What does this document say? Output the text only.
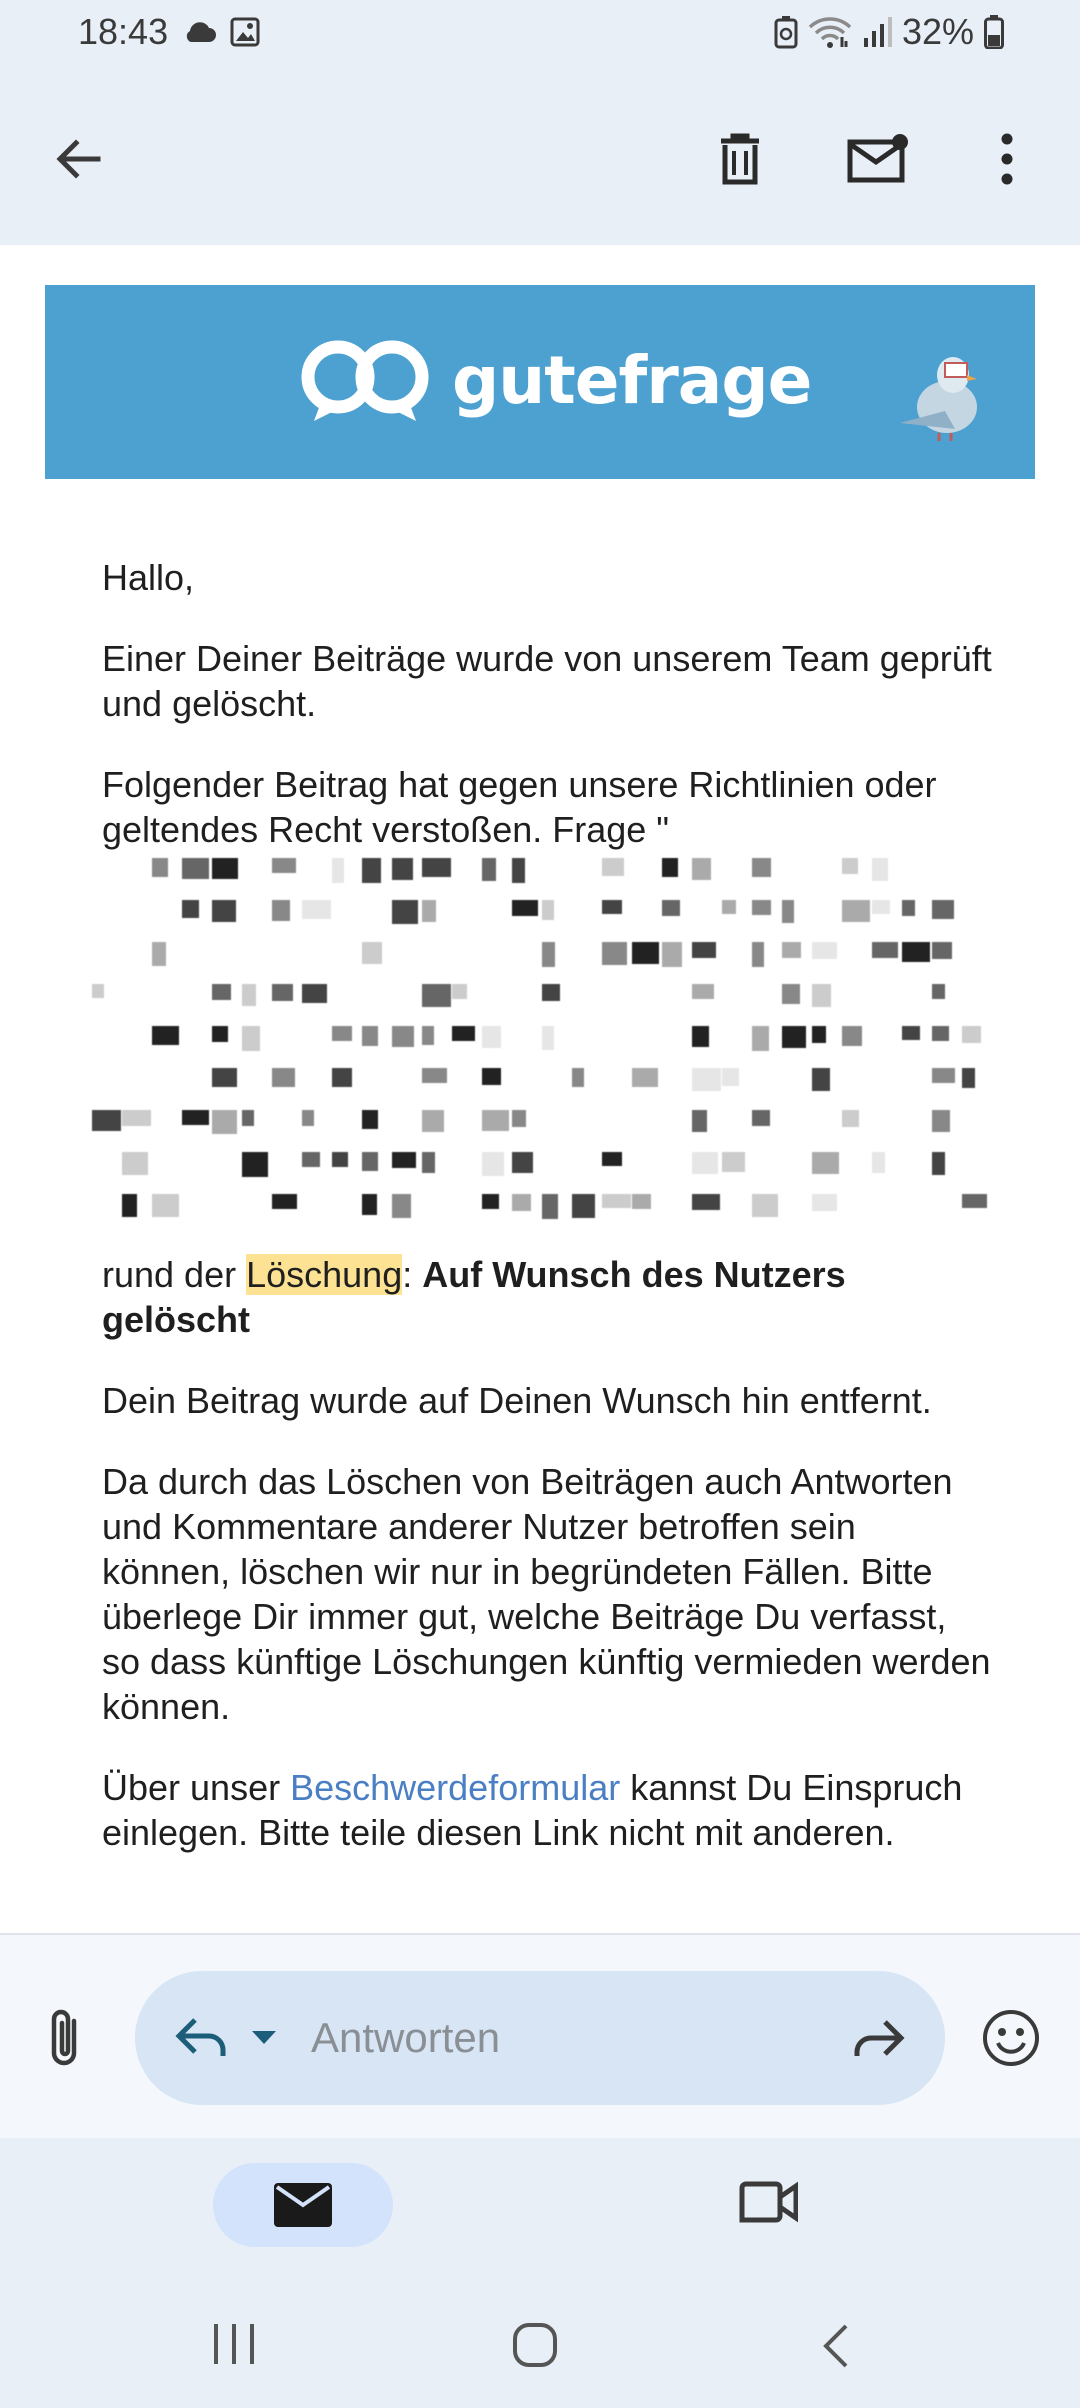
18:43	32%
gutefrage

Hallo,

Einer Deiner Beiträge wurde von unserem Team geprüft und gelöscht.

Folgender Beitrag hat gegen unsere Richtlinien oder geltendes Recht verstoßen. Frage "

rund der Löschung: Auf Wunsch des Nutzers gelöscht

Dein Beitrag wurde auf Deinen Wunsch hin entfernt.

Da durch das Löschen von Beiträgen auch Antworten und Kommentare anderer Nutzer betroffen sein können, löschen wir nur in begründeten Fällen. Bitte überlege Dir immer gut, welche Beiträge Du verfasst, so dass künftige Löschungen künftig vermieden werden können.

Über unser Beschwerdeformular kannst Du Einspruch einlegen. Bitte teile diesen Link nicht mit anderen.

Antworten
